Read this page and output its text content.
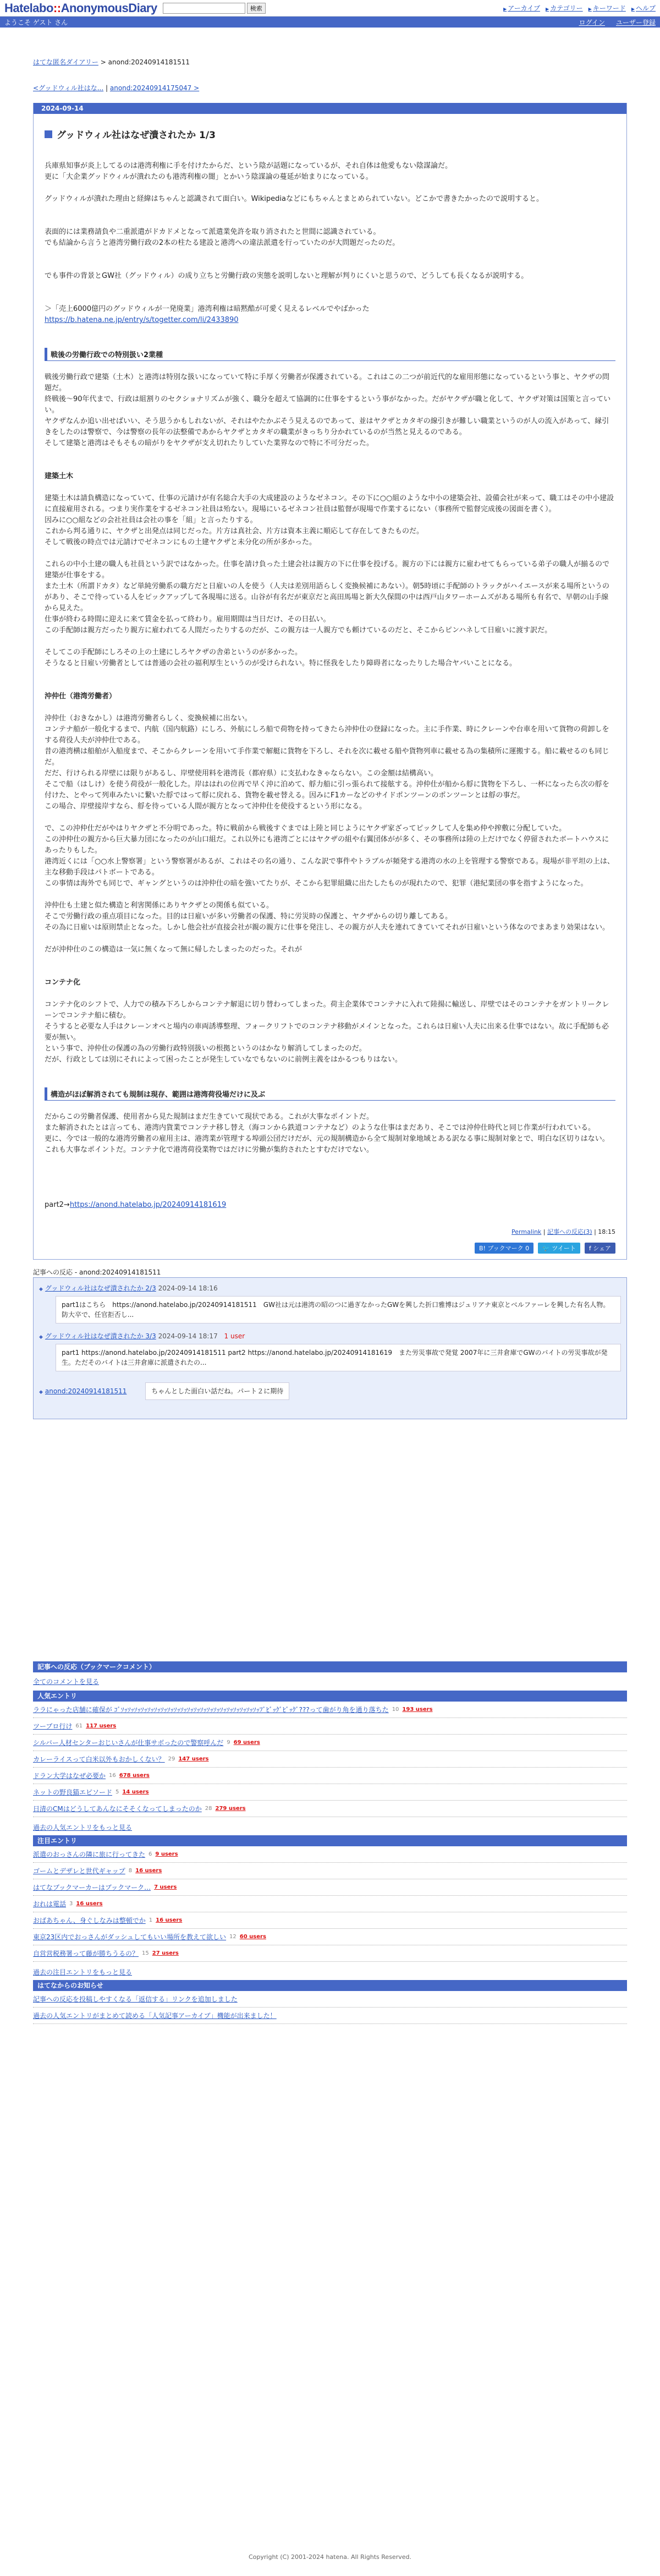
Hatelabo::AnonymousDiary	検索	▶ アーカイブ	▶ カテゴリー	▶ キーワード	▶ ヘルプ
ようこそ ゲスト さん	ログイン ユーザー登録
はてな匿名ダイアリー > anond:20240914181511
<グッドウィル社はな... | anond:20240914175047 >
2024-09-14
グッドウィル社はなぜ潰されたか 1/3

兵庫県知事が炎上してるのは港湾利権に手を付けたからだ、という陰が話題になっているが、それ自体は他愛もない陰謀論だ。

更に「大企業グッドウィルが潰れたのも港湾利権の闇」とかいう陰謀論の蔓延が始まりになっている。

グッドウィルが潰れた理由と経緯はちゃんと認識されて面白い。Wikipediaなどにもちゃんとまとめられていない。どこかで書きたかったので説明すると。

表面的には業務請負や二重派遣がドカドメとなって派遣業免許を取り消されたと世間に認識されている。

でも結論から言うと港湾労働行政の2本の柱たる建設と港湾への違法派遣を行っていたのが大問題だったのだ。

でも事件の背景とGW社（グッドウィル）の成り立ちと労働行政の実態を説明しないと理解が判りにくいと思うので、どうしても長くなるが説明する。

＞「売上6000億円のグッドウィルが一発廃業」港湾利権は暗黙酷が可愛く見えるレベルでやばかった

https://b.hatena.ne.jp/entry/s/togetter.com/li/2433890
戦後の労働行政での特別扱い2業種

戦後労働行政で建築（土木）と港湾は特別な扱いになっていて特に手厚く労働者が保護されている。これはこの二つが前近代的な雇用形態になっているという事と、ヤクザの問題だ。

終戦後〜90年代まで、行政は組割りのセクショナリズムが強く、職分を超えて協調的に仕事をするという事がなかった。だがヤクザが職と化して、ヤクザ対策は国策と言っていい。

ヤクザなんか追い出せばいい、そう思うかもしれないが、それはやたかぶそう見えるのであって、並はヤクザとカタギの線引きが難しい職業というのが人の流入があって、縁引きをしたのは警察で、今は警察の長年の法整備であからヤクザとカタギの職業がきっちり分かれているのが当然と見えるのである。

そして建築と港湾はそもそもの暗がりをヤクザが支え切れたりしていた業界なので特に不可分だった。

建築土木

建築土木は請負構造になっていて、仕事の元請けが有名総合大手の大成建設のようなゼネコン。その下に○○組のような中小の建築会社、設備会社が来って、職工はその中小建設に直接雇用される。つまり実作業をするゼネコン社員は殆ない。現場にいるゼネコン社員は監督が現場で作業するにない（事務所で監督完成後の図面を書く）。

因みに○○組などの会社社員は会社の事を「組」と言ったりする。

これから判る通りに、ヤクザと出発点は同じだった。片方は真社会、片方は資本主義に順応して存在してきたものだ。

そして戦後の時点では元請けでゼネコンにもの土建ヤクザと未分化の所が多かった。

これらの中小土建の職人も社員という訳ではなかった。仕事を請け負った土建会社は親方の下に仕事を投げる。親方の下には親方に雇わせてもらっている弟子の職人が揃るので建築が仕事をする。

また土木（所謂ドカタ）など単純労働系の職方だと日雇いの人を使う（人夫は差別用語らしく変換候補にあない）。朝5時頃に手配師のトラックがハイエースが来る場所というのがあり、そこで待っている人をピックアップして各現場に送る。山谷が有名だが東京だと高田馬場と新大久保間の中は西戸山タワーホームズがある場所も有名で、早朝の山手線から見えた。

仕事が終わる時間に迎えに来て賃金を払って終わり。雇用期間は当日だけ、その日払い。

この手配師は親方だったり親方に雇われてる人間だったりするのだが、この親方は一人親方でも頼けているのだと、そこからピンハネして日雇いに渡す訳だ。

そしてこの手配師にしろその上の土建にしろヤクザの舎弟というのが多かった。

そうなると日雇い労働者としては普通の会社の福利厚生というのが受けられない。特に怪我をしたり障碍者になったりした場合ヤバいことになる。

沖仲仕（港湾労働者）

沖仲仕（おきなかし）は港湾労働者らしく、変換候補に出ない。

コンテナ船が一般化するまで、内航（国内航路）にしろ、外航にしろ船で荷物を持ってきたら沖仲仕の登録になった。主に手作業、時にクレーンや台車を用いて貨物の荷卸しをする荷役人夫が沖仲仕である。

昔の港湾横は船舶が入船度まで、そこからクレーンを用いて手作業で解艇に貨物を下ろし、それを次に載せる船や貨物列車に載せる為の集積所に運搬する。船に載せるのも同じだ。

だだ、行けられる岸壁には限りがあるし、岸壁使用料を港湾長（都府県）に支払わなきゃならない。この金額は結構高い。

そこで船（はしけ）を使う荷役が一般化した。岸ははれの位再で早く沖に泊めて、艀力船に引っ張られて接舷する。沖仲仕が船から艀に貨物を下ろし、一杯になったら次の艀を付けた、とやって列車みたいに繋いた艀ではって艀に戻れる、貨物を載せ替える。因みにF1カーなどのサイドポンツーンのポンツーンとは艀の事だ。

この場合、岸壁接岸すなら、艀を待っている人間が親方となって沖仲仕を使役するという形になる。

で、この沖仲仕だがやはりヤクザと不分明であった。特に戦前から戦後すぐまでは上陸と同じようにヤクザ家ざってピックして人を集め仲や搾敷に分配していた。

この沖仲仕の親方から巨大暴力団になったのが山口組だ。これ以外にも港湾ごとにはヤクザの組や右翼団体がが多く、その事務所は陸の上だけでなく停留されたボートハウスにあったりもした。

港湾近くには「○○水上警察署」という警察署があるが、これはその名の通り、こんな訳で事件やトラブルが頻発する港湾の水の上を管理する警察である。現場が非平坦の上は、主な移動手段はパトボートである。

この事情は海外でも同じで、ギャングというのは沖仲仕の暗を強いてたりが、そこから犯罪組織に出たしたものが現れたので、犯罪（港紀業団の事を指すようになった。

沖仲仕も土建と似た構造と利害関係にありヤクザとの関係も似ている。

そこで労働行政の重点項目になった。目的は日雇いが多い労働者の保護、特に労災時の保護と、ヤクザからの切り離してある。

その為に日雇いは原則禁止となった。しかし他会社が直接会社が親の親方に仕事を発注し、その親方が人夫を連れてきていてそれが日雇いという体なのでまあまり効果はない。

だが沖仲仕のこの構造は一気に無くなって無に帰したしまったのだった。それが

コンテナ化

コンテナ化のシフトで、人力での積み下ろしからコンテナ解退に切り替わってしまった。荷主企業体でコンテナに入れて陸揚に輸送し、岸壁ではそのコンテナをガントリークレーンでコンテナ船に積む。

そうすると必要な人手はクレーンオペと場内の車両誘導整理、フォークリフトでのコンテナ移動がメインとなった。これらは日雇い人夫に出来る仕事ではない。故に手配師も必要が無い。

という事で、沖仲仕の保護の為の労働行政特別扱いの根拠というのはかなり解消してしまったのだ。

だが、行政としては別にそれによって困ったことが発生していなでもないのに前例主義をはかるつもりはない。

構造がほぼ解消されても規制は現存、範囲は港湾荷役場だけに及ぶ

だからこの労働者保護、使用者から見た規制はまだ生きていて現状である。これが大事なポイントだ。

また解消されたとは言っても、港湾内貨業でコンテナ移し替え（海コンから鉄道コンテナなど）のような仕事はまだあり、そこでは沖仲仕時代と同じ作業が行われている。

更に、今では一般的な港湾労働者の雇用主は、港湾業が管理する埠頭公団だけだが、元の規制構造から全て規制対象地域とある訳なる事に規制対象とで、明白な区切りはない。これも大事なポイントだ。コンテナ化で港湾荷役業物ではだけに労働が集約されたとすむだけでない。

part2→https://anond.hatelabo.jp/20240914181619

Permalink | 記事への反応(3) | 18:15
B! ブックマーク 0	🐦 ツイート	f シェア
記事への反応 - anond:20240914181511
◆ グッドウィル社はなぜ潰されたか 2/3 2024-09-14 18:16
part1はこちら　https://anond.hatelabo.jp/20240914181511　GW社は元は港湾の昭のつに過ぎなかったGWを興した折口雅博はジュリアナ東京とベルファーレを興した有名人物。防大卒で、任官拒否し...
◆ グッドウィル社はなぜ潰されたか 3/3 2024-09-14 18:17 1 user
part1 https://anond.hatelabo.jp/20240914181511 part2 https://anond.hatelabo.jp/20240914181619　また労災事故で発覚 2007年に三井倉庫でGWのバイトの労災事故が発生。ただそのバイトは三井倉庫に派遣されたの...
◆ anond:20240914181511	ちゃんとした面白い話だね。パート２に期待
記事への反応（ブックマークコメント）
全てのコメントを見る
人気エントリ
ララにゃった店舗に確保が ｺﾞｿｯｿｯｿｯｿｯｿｯｿｯｿｯｿｯｿｯｿｯｿｯｿｯｿｯｿｯｿｯｿｯｿｯｿｯｿｯｿｯｿｯﾌﾞﾋﾞｯｸﾞﾋﾞｯｸﾞ???って歯がり角を通り落ちた 10 193 users
ツーブロ行け 61 117 users
シルバー人材センターおじいさんが仕事サボったので警察呼んだ 9 69 users
カレーライスって白米以外もおかしくない？ 29 147 users
ドラン大学はなぜ必要か 16 678 users
ネットの野良猫エピソード 5 14 users
日清のCMはどうしてあんなにそそくなってしまったのか 28 279 users
過去の人気エントリをもっと見る
注目エントリ
派遣のおっさんの隣に旅に行ってきた 6 9 users
ゴームとデザレと世代ギャップ 8 16 users
はてなブックマーカーはブックマーク… 7 users
おれは電話 3 16 users
おばあちゃん、身ぐしなみは整頓でか 1 16 users
東京23区内でおっさんがダッシュしてもいい場所を教えて欲しい 12 60 users
自営営税務署って藤が勝ちうるの？ 15 27 users
過去の注目エントリをもっと見る
はてなからのお知らせ
記事への反応を投稿しやすくなる「返信する」リンクを追加しました
過去の人気エントリがまとめて読める「人気記事アーカイブ」機能が出来ました！
Copyright (C) 2001-2024 hatena. All Rights Reserved.
